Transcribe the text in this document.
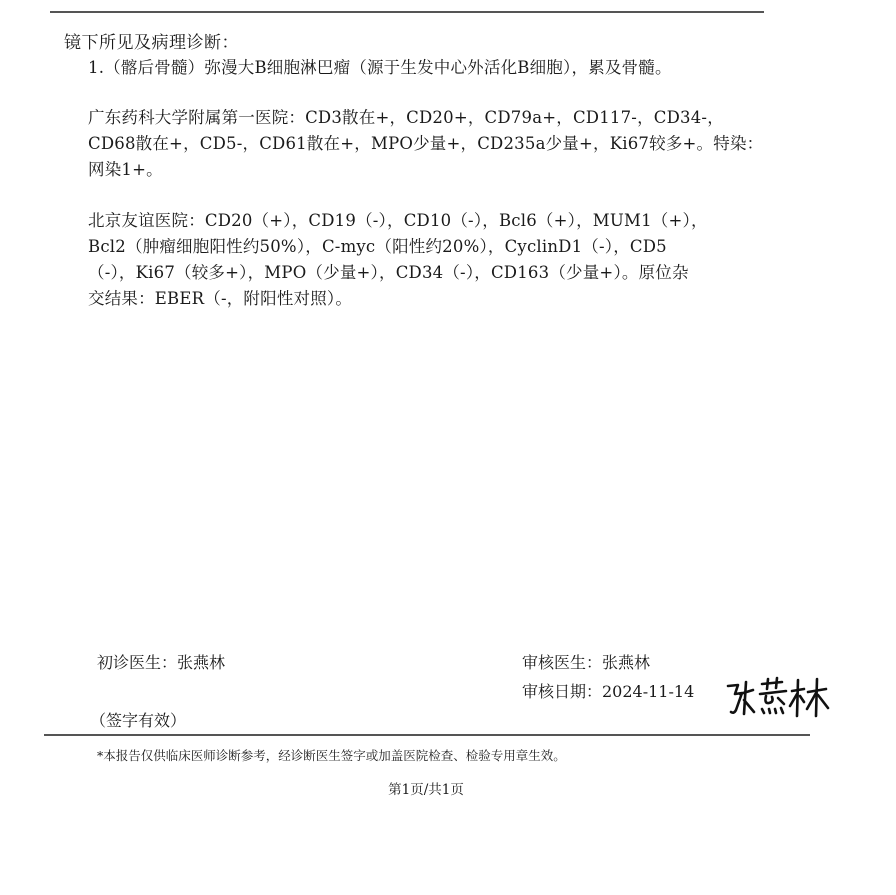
镜下所见及病理诊断：
1.（髂后骨髓）弥漫大B细胞淋巴瘤（源于生发中心外活化B细胞），累及骨髓。
广东药科大学附属第一医院：CD3散在+，CD20+，CD79a+，CD117-，CD34-，
CD68散在+，CD5-，CD61散在+，MPO少量+，CD235a少量+，Ki67较多+。特染：
网染1+。
北京友谊医院：CD20（+），CD19（-），CD10（-），Bcl6（+），MUM1（+），
Bcl2（肿瘤细胞阳性约50%），C-myc（阳性约20%），CyclinD1（-），CD5
（-），Ki67（较多+），MPO（少量+），CD34（-），CD163（少量+）。原位杂
交结果：EBER（-，附阳性对照）。
初诊医生：张燕林	审核医生：张燕林
审核日期：2024-11-14
（签字有效）
*本报告仅供临床医师诊断参考，经诊断医生签字或加盖医院检查、检验专用章生效。
第1页/共1页
